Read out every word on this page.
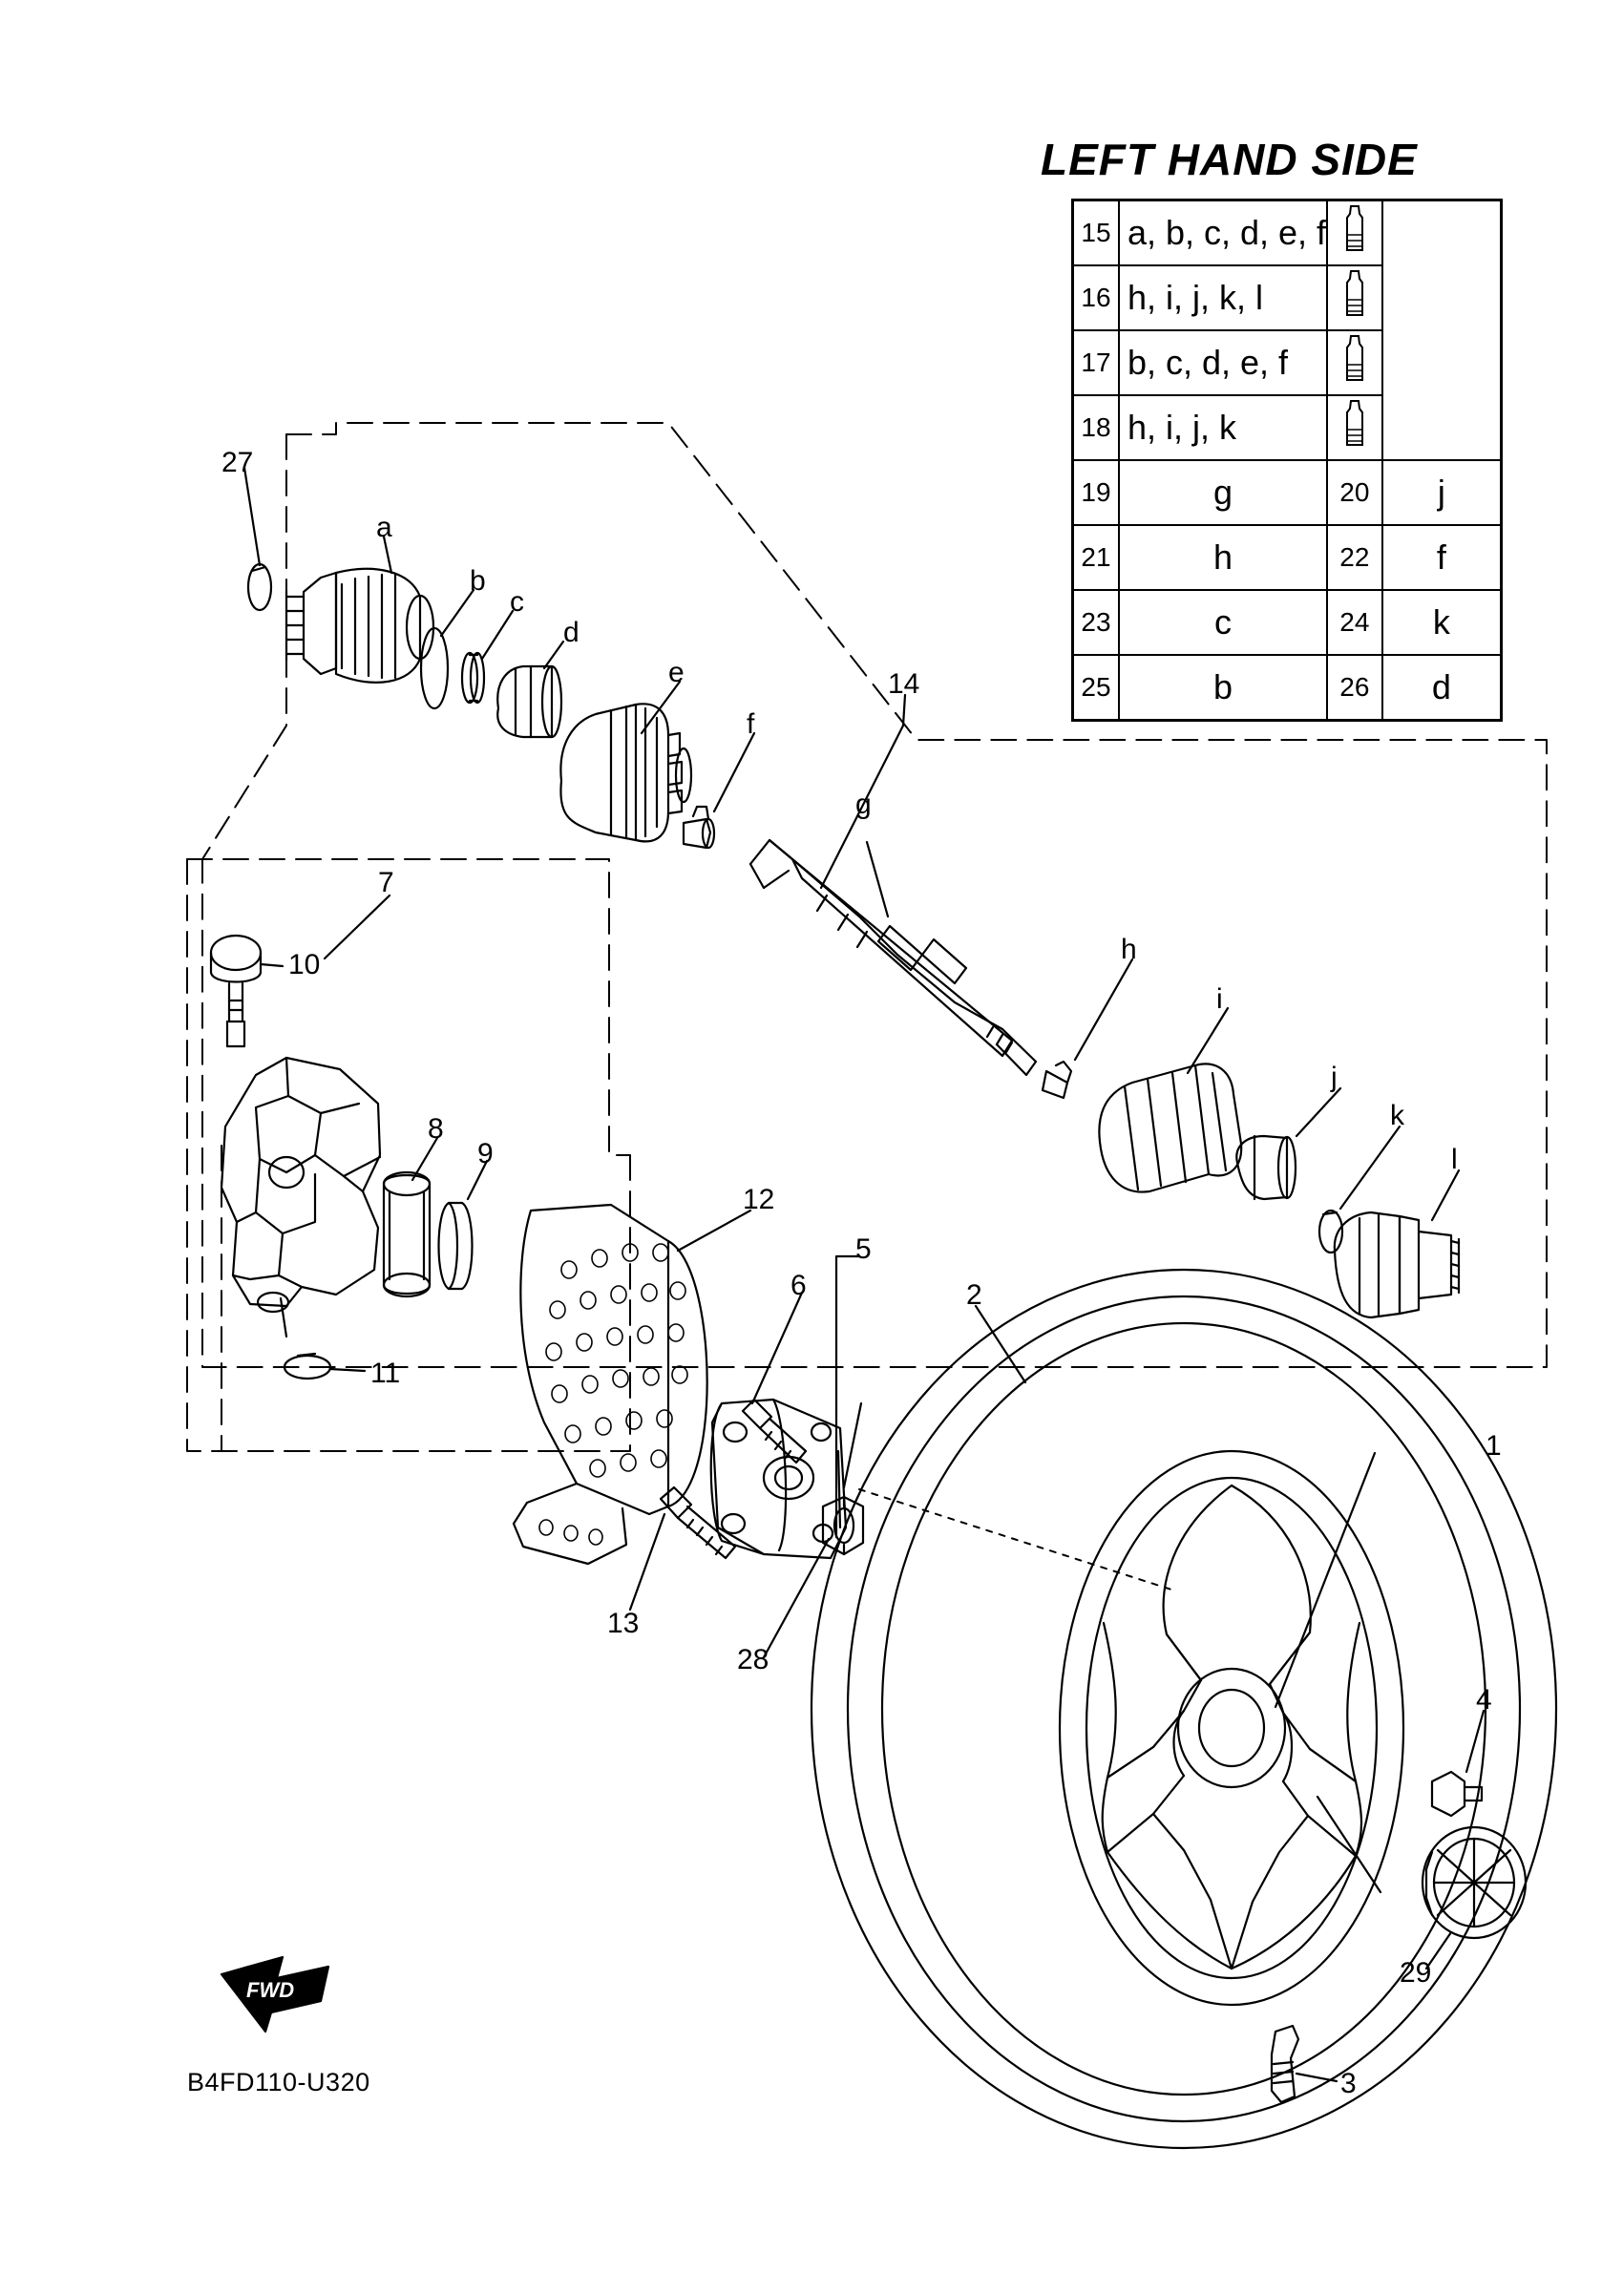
LEFT HAND SIDE
15	a, b, c, d, e, f	
16	h, i, j, k, l	
17	b, c, d, e, f	
18	h, i, j, k	
19	g	20	j
21	h	22	f
23	c	24	k
25	b	26	d
FWD
27
a
b
c
d
e
f
14
g
h
i
j
k
l
7
10
8
9
11
12
5
6	2
1
4
29
3
13
28
B4FD110-U320
